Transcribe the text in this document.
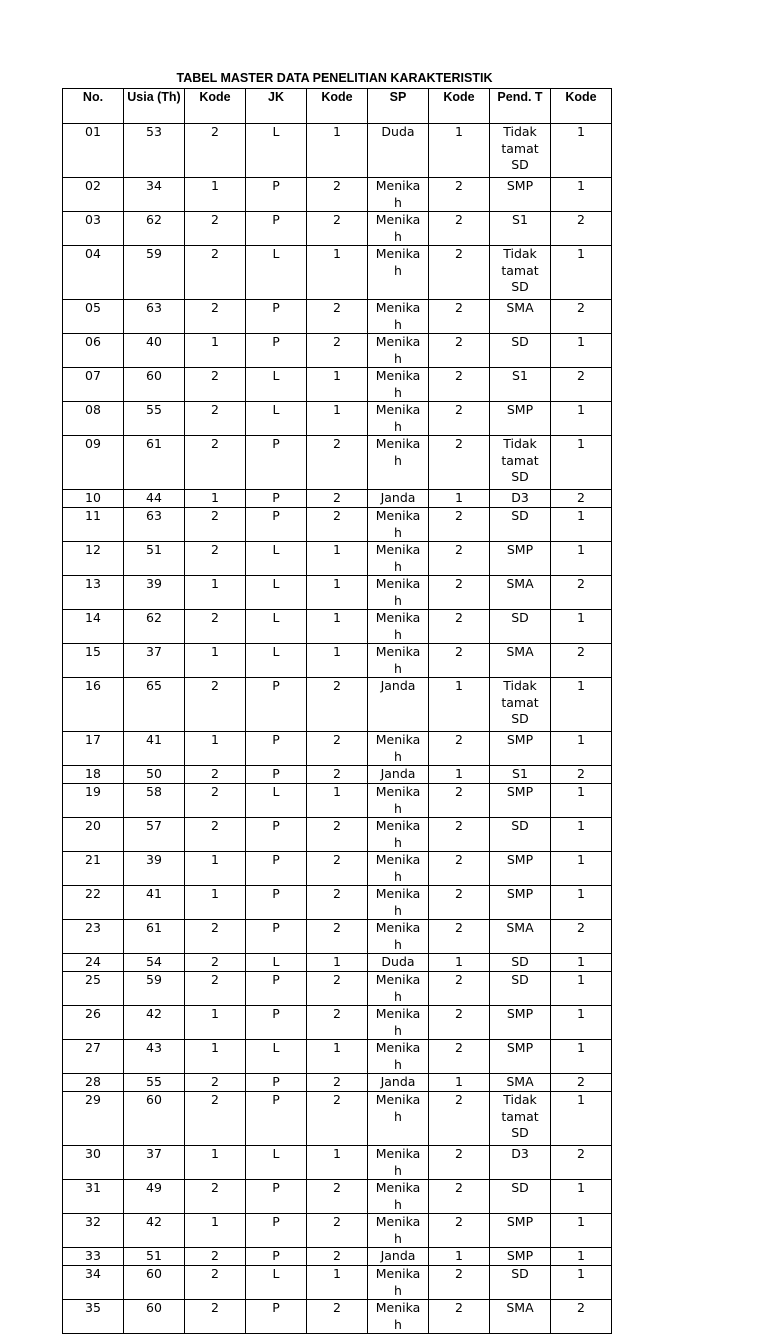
TABEL MASTER DATA PENELITIAN KARAKTERISTIK
No.	Usia (Th)	Kode	JK	Kode	SP	Kode	Pend. T	Kode
01	53	2	L	1	Duda	1	Tidak tamat SD	1
02	34	1	P	2	Menikah	2	SMP	1
03	62	2	P	2	Menikah	2	S1	2
04	59	2	L	1	Menikah	2	Tidak tamat SD	1
05	63	2	P	2	Menikah	2	SMA	2
06	40	1	P	2	Menikah	2	SD	1
07	60	2	L	1	Menikah	2	S1	2
08	55	2	L	1	Menikah	2	SMP	1
09	61	2	P	2	Menikah	2	Tidak tamat SD	1
10	44	1	P	2	Janda	1	D3	2
11	63	2	P	2	Menikah	2	SD	1
12	51	2	L	1	Menikah	2	SMP	1
13	39	1	L	1	Menikah	2	SMA	2
14	62	2	L	1	Menikah	2	SD	1
15	37	1	L	1	Menikah	2	SMA	2
16	65	2	P	2	Janda	1	Tidak tamat SD	1
17	41	1	P	2	Menikah	2	SMP	1
18	50	2	P	2	Janda	1	S1	2
19	58	2	L	1	Menikah	2	SMP	1
20	57	2	P	2	Menikah	2	SD	1
21	39	1	P	2	Menikah	2	SMP	1
22	41	1	P	2	Menikah	2	SMP	1
23	61	2	P	2	Menikah	2	SMA	2
24	54	2	L	1	Duda	1	SD	1
25	59	2	P	2	Menikah	2	SD	1
26	42	1	P	2	Menikah	2	SMP	1
27	43	1	L	1	Menikah	2	SMP	1
28	55	2	P	2	Janda	1	SMA	2
29	60	2	P	2	Menikah	2	Tidak tamat SD	1
30	37	1	L	1	Menikah	2	D3	2
31	49	2	P	2	Menikah	2	SD	1
32	42	1	P	2	Menikah	2	SMP	1
33	51	2	P	2	Janda	1	SMP	1
34	60	2	L	1	Menikah	2	SD	1
35	60	2	P	2	Menikah	2	SMA	2
